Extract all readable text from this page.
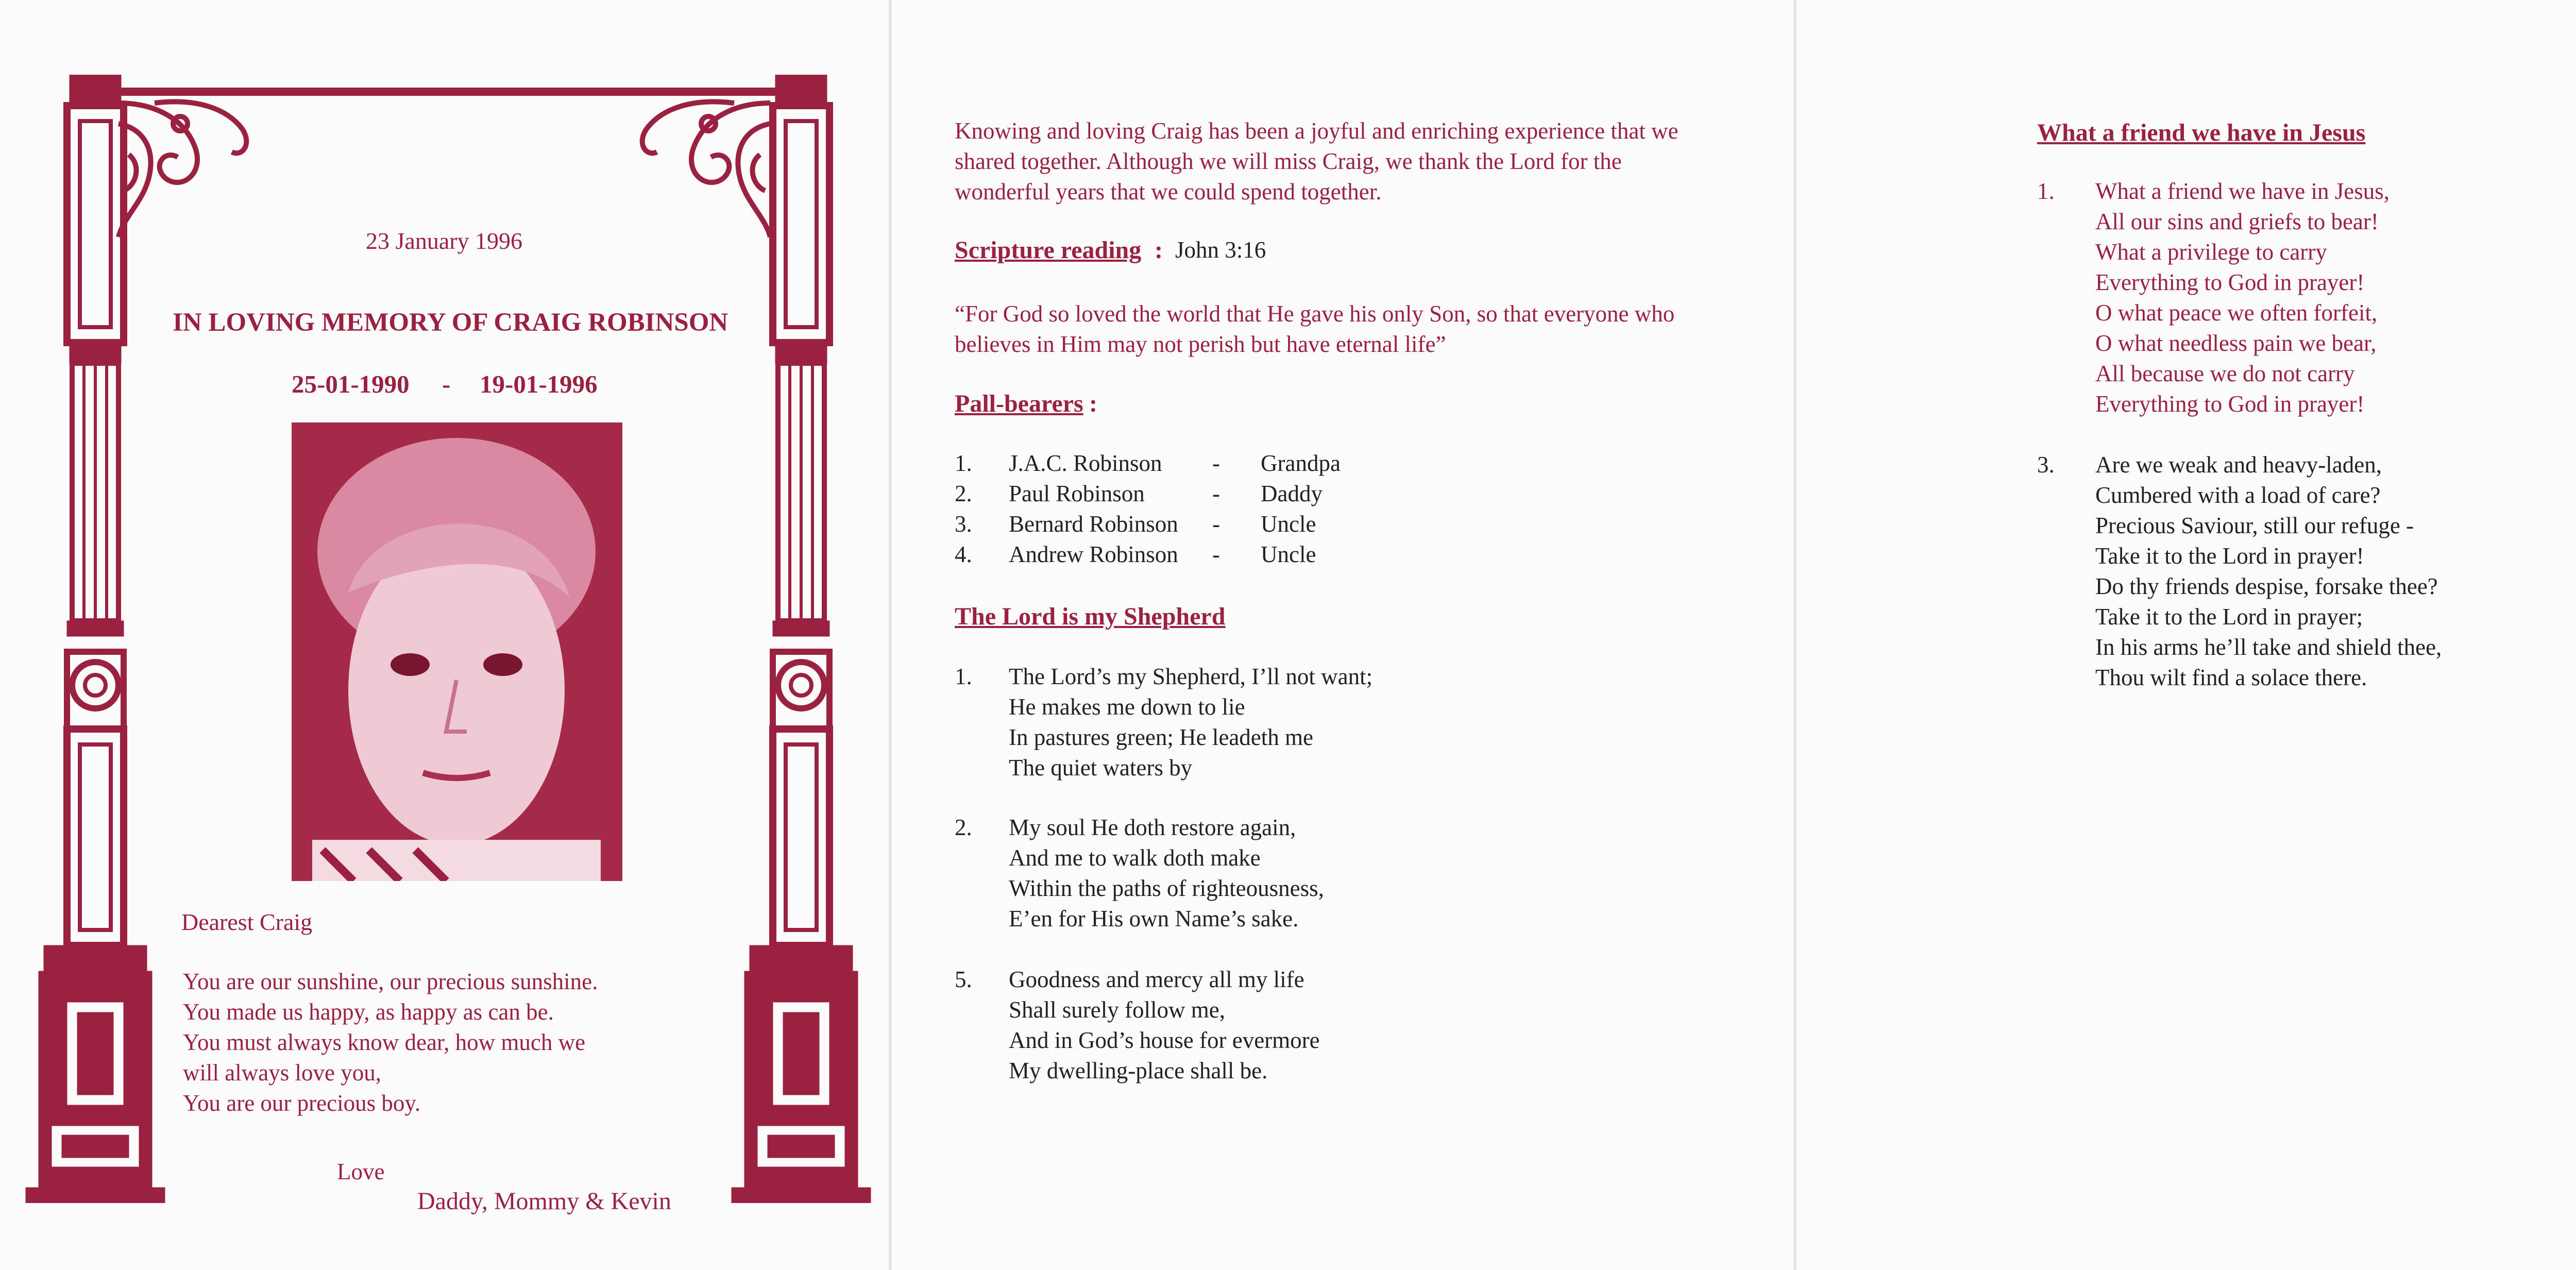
23 January 1996
IN LOVING MEMORY OF CRAIG ROBINSON
25-01-1990 - 19-01-1996
Dearest Craig
You are our sunshine, our precious sunshine.
You made us happy, as happy as can be.
You must always know dear, how much we
will always love you,
You are our precious boy.
Love
Daddy, Mommy & Kevin
Knowing and loving Craig has been a joyful and enriching experience that we
shared together. Although we will miss Craig, we thank the Lord for the
wonderful years that we could spend together.
Scripture reading : John 3:16
“For God so loved the world that He gave his only Son, so that everyone who
believes in Him may not perish but have eternal life”
Pall-bearers :
1. J.A.C. Robinson - Grandpa
2. Paul Robinson	- Daddy
3. Bernard Robinson - Uncle
4. Andrew Robinson - Uncle
The Lord is my Shepherd
1. The Lord’s my Shepherd, I’ll not want;
He makes me down to lie
In pastures green; He leadeth me
The quiet waters by
2. My soul He doth restore again,
And me to walk doth make
Within the paths of righteousness,
E’en for His own Name’s sake.
5. Goodness and mercy all my life
Shall surely follow me,
And in God’s house for evermore
My dwelling-place shall be.
What a friend we have in Jesus
1. What a friend we have in Jesus,
All our sins and griefs to bear!
What a privilege to carry
Everything to God in prayer!
O what peace we often forfeit,
O what needless pain we bear,
All because we do not carry
Everything to God in prayer!
3. Are we weak and heavy-laden,
Cumbered with a load of care?
Precious Saviour, still our refuge -
Take it to the Lord in prayer!
Do thy friends despise, forsake thee?
Take it to the Lord in prayer;
In his arms he’ll take and shield thee,
Thou wilt find a solace there.
